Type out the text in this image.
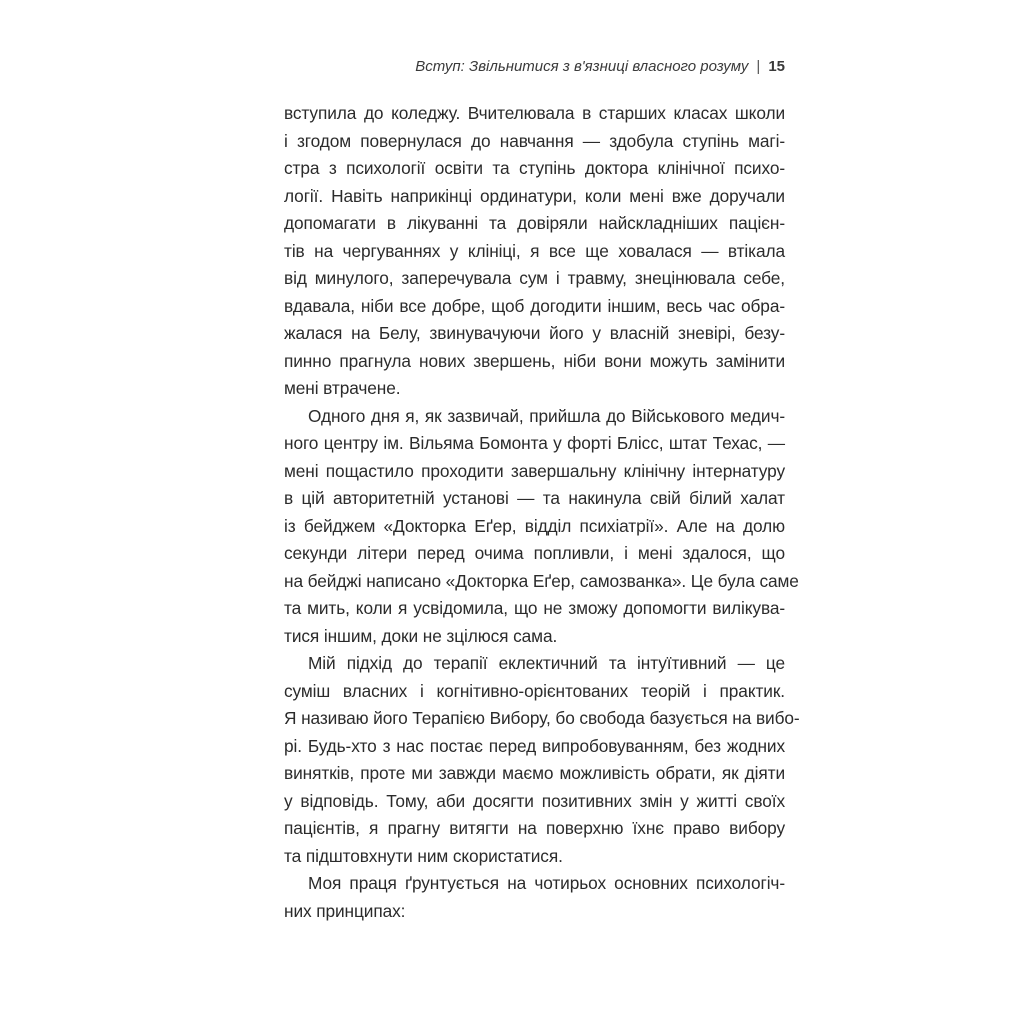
Вступ: Звільнитися з в'язниці власного розуму | 15
вступила до коледжу. Вчителювала в старших класах школи
і згодом повернулася до навчання — здобула ступінь магі-
стра з психології освіти та ступінь доктора клінічної психо-
логії. Навіть наприкінці ординатури, коли мені вже доручали
допомагати в лікуванні та довіряли найскладніших пацієн-
тів на чергуваннях у клініці, я все ще ховалася — втікала
від минулого, заперечувала сум і травму, знецінювала себе,
вдавала, ніби все добре, щоб догодити іншим, весь час обра-
жалася на Белу, звинувачуючи його у власній зневірі, безу-
пинно прагнула нових звершень, ніби вони можуть замінити
мені втрачене.
Одного дня я, як зазвичай, прийшла до Військового медич-
ного центру ім. Вільяма Бомонта у форті Блісс, штат Техас, —
мені пощастило проходити завершальну клінічну інтернатуру
в цій авторитетній установі — та накинула свій білий халат
із бейджем «Докторка Еґер, відділ психіатрії». Але на долю
секунди літери перед очима попливли, і мені здалося, що
на бейджі написано «Докторка Еґер, самозванка». Це була саме
та мить, коли я усвідомила, що не зможу допомогти вилікува-
тися іншим, доки не зцілюся сама.
Мій підхід до терапії еклектичний та інтуїтивний — це
суміш власних і когнітивно-орієнтованих теорій і практик.
Я називаю його Терапією Вибору, бо свобода базується на вибо-
рі. Будь-хто з нас постає перед випробовуванням, без жодних
винятків, проте ми завжди маємо можливість обрати, як діяти
у відповідь. Тому, аби досягти позитивних змін у житті своїх
пацієнтів, я прагну витягти на поверхню їхнє право вибору
та підштовхнути ним скористатися.
Моя праця ґрунтується на чотирьох основних психологіч-
них принципах:
